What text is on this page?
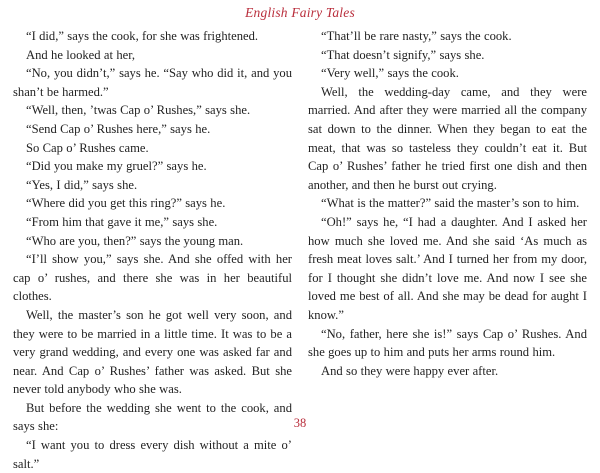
English Fairy Tales

“I did,” says the cook, for she was frightened.

And he looked at her,

“No, you didn’t,” says he. “Say who did it, and you shan’t be harmed.”

“Well, then, ’twas Cap o’ Rushes,” says she.

“Send Cap o’ Rushes here,” says he.

So Cap o’ Rushes came.

“Did you make my gruel?” says he.

“Yes, I did,” says she.

“Where did you get this ring?” says he.

“From him that gave it me,” says she.

“Who are you, then?” says the young man.

“I’ll show you,” says she. And she offed with her cap o’ rushes, and there she was in her beautiful clothes.

Well, the master’s son he got well very soon, and they were to be married in a little time. It was to be a very grand wedding, and every one was asked far and near. And Cap o’ Rushes’ father was asked. But she never told anybody who she was.

But before the wedding she went to the cook, and says she:

“I want you to dress every dish without a mite o’ salt.”

“That’ll be rare nasty,” says the cook.

“That doesn’t signify,” says she.

“Very well,” says the cook.

Well, the wedding-day came, and they were married. And after they were married all the company sat down to the dinner. When they began to eat the meat, that was so tasteless they couldn’t eat it. But Cap o’ Rushes’ father he tried first one dish and then another, and then he burst out crying.

“What is the matter?” said the master’s son to him.

“Oh!” says he, “I had a daughter. And I asked her how much she loved me. And she said ‘As much as fresh meat loves salt.’ And I turned her from my door, for I thought she didn’t love me. And now I see she loved me best of all. And she may be dead for aught I know.”

“No, father, here she is!” says Cap o’ Rushes. And she goes up to him and puts her arms round him.

And so they were happy ever after.

38
